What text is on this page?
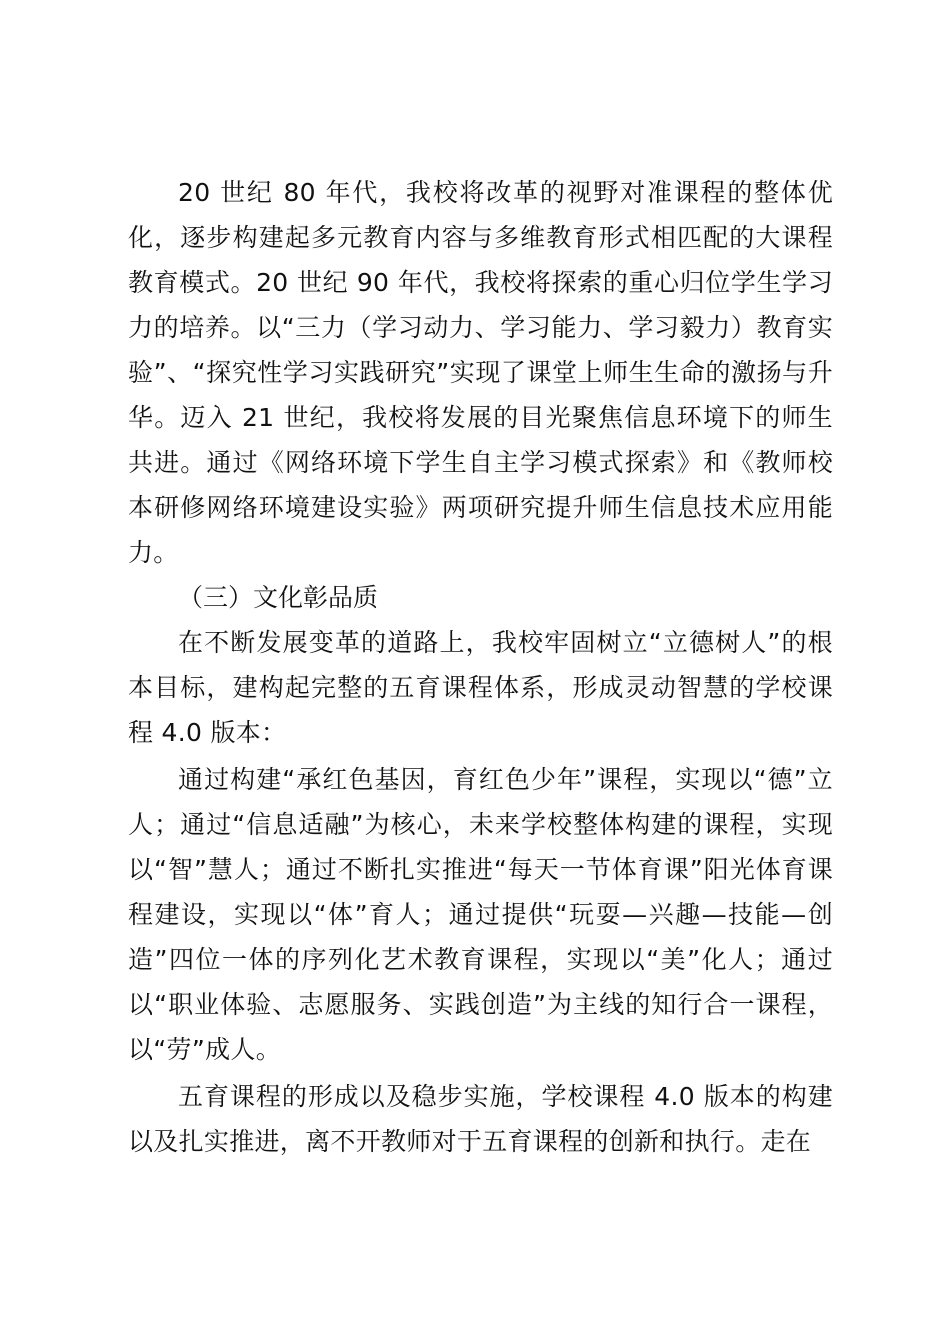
20 世纪 80 年代，我校将改革的视野对准课程的整体优化，逐步构建起多元教育内容与多维教育形式相匹配的大课程教育模式。20 世纪 90 年代，我校将探索的重心归位学生学习力的培养。以“三力（学习动力、学习能力、学习毅力）教育实验”、“探究性学习实践研究”实现了课堂上师生生命的激扬与升华。迈入 21 世纪，我校将发展的目光聚焦信息环境下的师生共进。通过《网络环境下学生自主学习模式探索》和《教师校本研修网络环境建设实验》两项研究提升师生信息技术应用能力。

（三）文化彰品质

在不断发展变革的道路上，我校牢固树立“立德树人”的根本目标，建构起完整的五育课程体系，形成灵动智慧的学校课程 4.0 版本：

通过构建“承红色基因，育红色少年”课程，实现以“德”立人；通过“信息适融”为核心，未来学校整体构建的课程，实现以“智”慧人；通过不断扎实推进“每天一节体育课”阳光体育课程建设，实现以“体”育人；通过提供“玩耍—兴趣—技能—创造”四位一体的序列化艺术教育课程，实现以“美”化人；通过以“职业体验、志愿服务、实践创造”为主线的知行合一课程，以“劳”成人。

五育课程的形成以及稳步实施，学校课程 4.0 版本的构建以及扎实推进，离不开教师对于五育课程的创新和执行。走在
